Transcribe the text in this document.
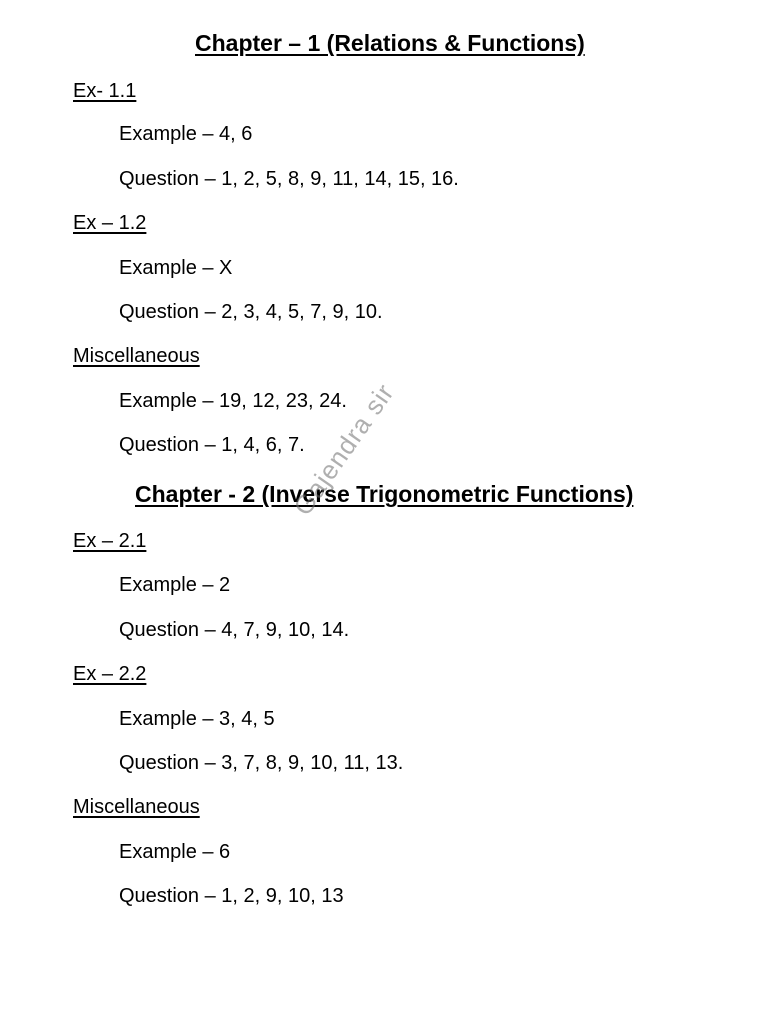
Chapter – 1 (Relations & Functions)
Ex- 1.1
Example – 4, 6
Question – 1, 2, 5, 8, 9, 11, 14, 15, 16.
Ex – 1.2
Example – X
Question – 2, 3, 4, 5, 7, 9, 10.
Miscellaneous
Example – 19, 12, 23, 24.
Question – 1, 4, 6, 7.
Chapter - 2 (Inverse Trigonometric Functions)
Ex – 2.1
Example – 2
Question – 4, 7, 9, 10, 14.
Ex – 2.2
Example – 3, 4, 5
Question – 3, 7, 8, 9, 10, 11, 13.
Miscellaneous
Example – 6
Question – 1, 2, 9, 10, 13
Gajendra sir
